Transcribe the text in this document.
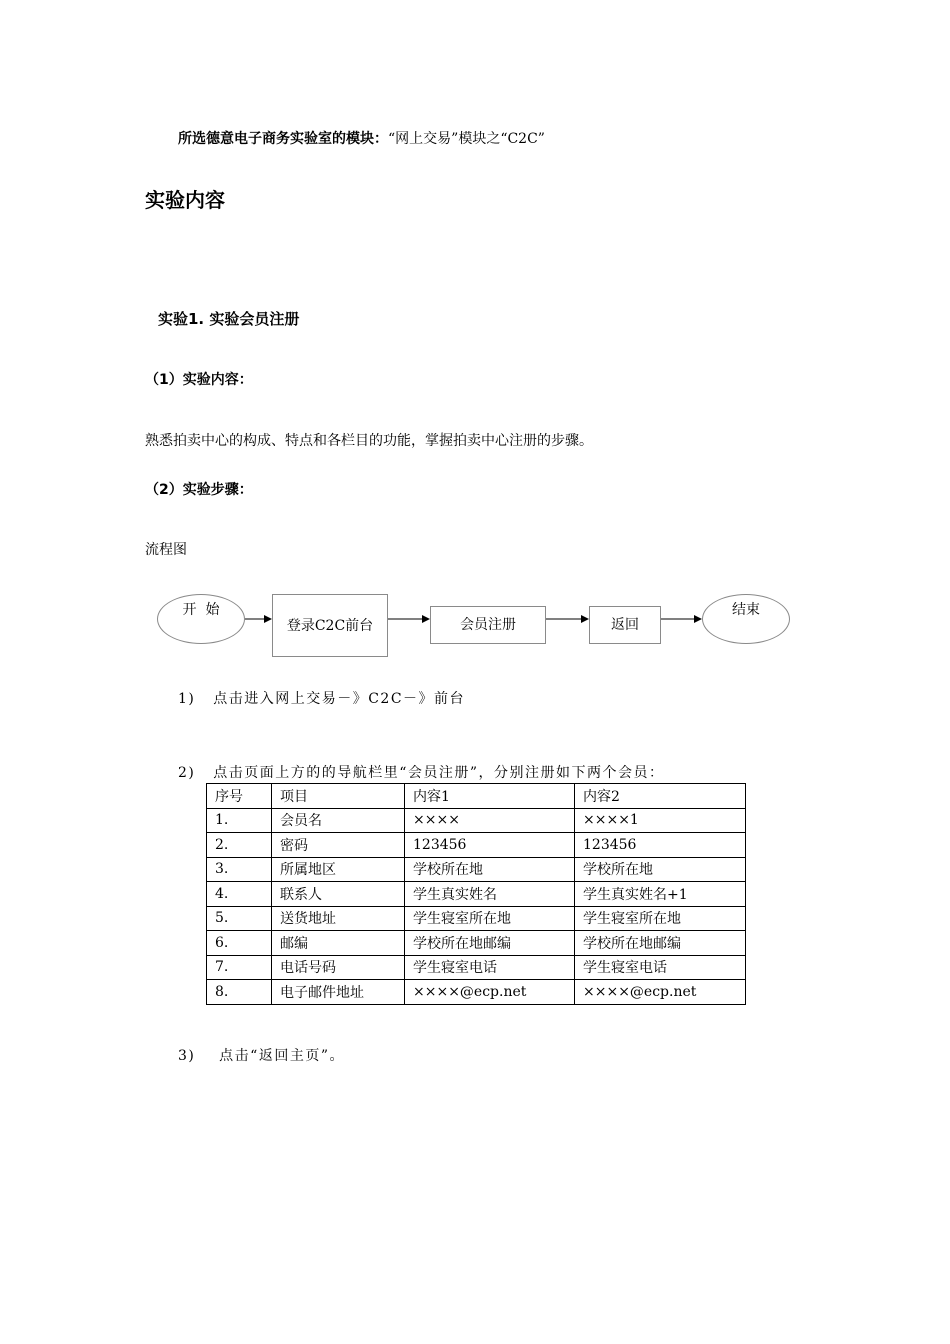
所选德意电子商务实验室的模块：“网上交易”模块之“C2C”
实验内容
实验1. 实验会员注册
（1）实验内容：
熟悉拍卖中心的构成、特点和各栏目的功能，掌握拍卖中心注册的步骤。
（2）实验步骤：
流程图
开  始
登录C2C前台	会员注册	返回
结束
1)   点击进入网上交易－》C2C－》前台
2)   点击页面上方的的导航栏里“会员注册”，分别注册如下两个会员：
序号	项目	内容1	内容2
1.	会员名	××××	××××1
2.	密码	123456	123456
3.	所属地区	学校所在地	学校所在地
4.	联系人	学生真实姓名	学生真实姓名+1
5.	送货地址	学生寝室所在地	学生寝室所在地
6.	邮编	学校所在地邮编	学校所在地邮编
7.	电话号码	学生寝室电话	学生寝室电话
8.	电子邮件地址	××××@ecp.net	××××@ecp.net
3)    点击“返回主页”。
